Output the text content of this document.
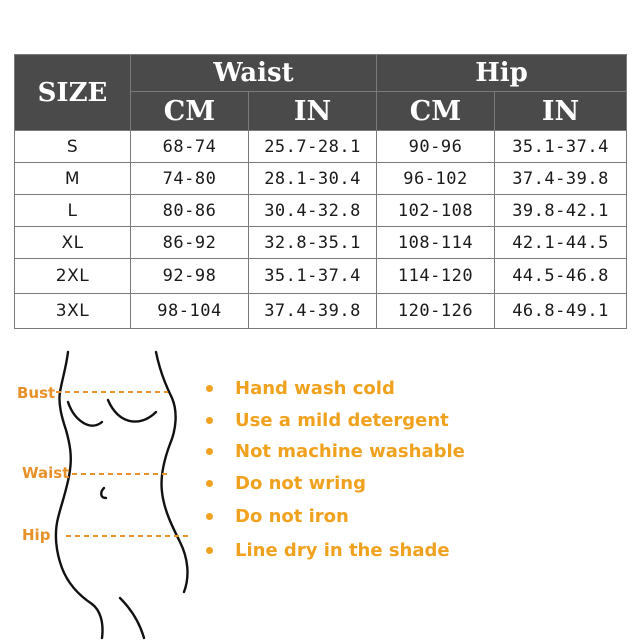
SIZE	Waist		Hip	
	CM	IN	CM	IN
S	68-74	25.7-28.1	90-96	35.1-37.4
M	74-80	28.1-30.4	96-102	37.4-39.8
L	80-86	30.4-32.8	102-108	39.8-42.1
XL	86-92	32.8-35.1	108-114	42.1-44.5
2XL	92-98	35.1-37.4	114-120	44.5-46.8
3XL	98-104	37.4-39.8	120-126	46.8-49.1
Bust
Waist
Hip
Hand wash cold
Use a mild detergent
Not machine washable
Do not wring
Do not iron
Line dry in the shade
